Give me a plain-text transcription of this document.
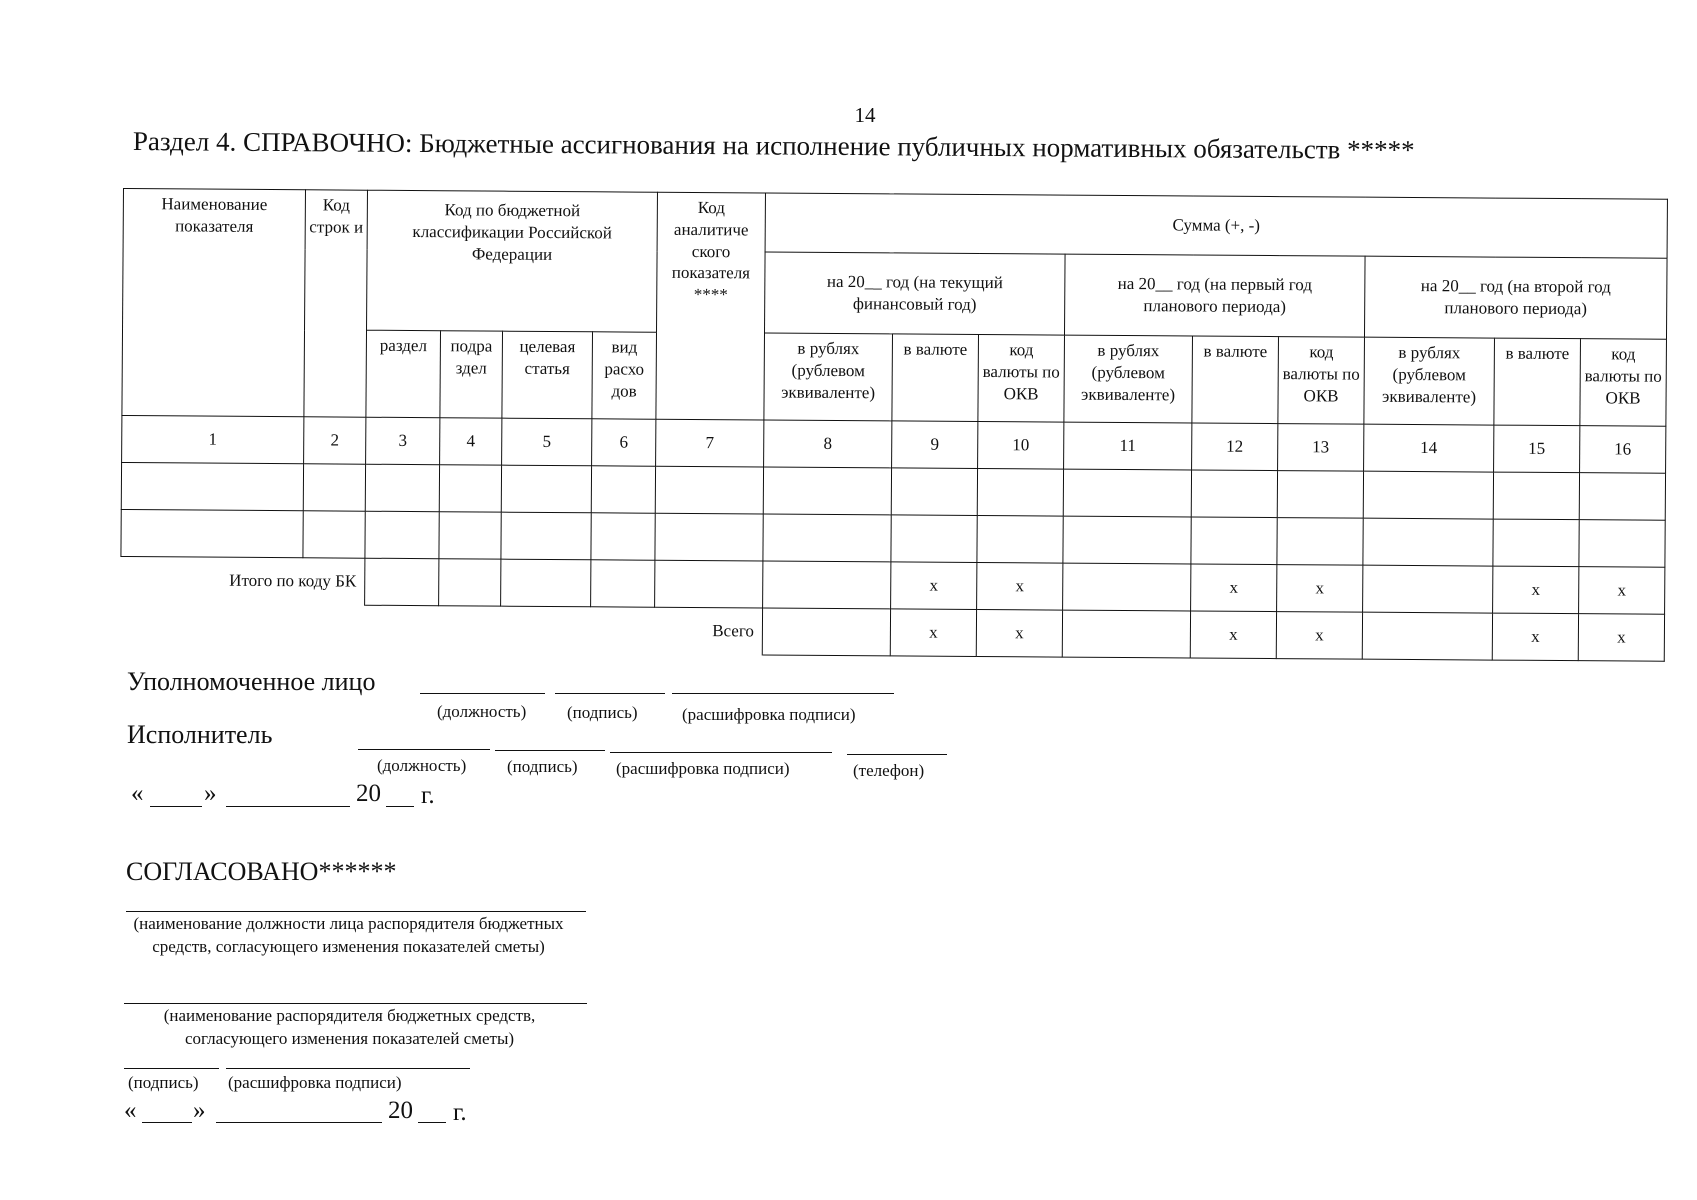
14
Раздел 4. СПРАВОЧНО: Бюджетные ассигнования на исполнение публичных нормативных обязательств *****
Наименование показателя	Код строк и	Код по бюджетной классификации Российской Федерации				Код аналитиче ского показателя ****	Сумма (+, -)								
							на 20__ год (на текущий финансовый год)			на 20__ год (на первый год планового периода)			на 20__ год (на второй год планового периода)		
		раздел	подра здел	целевая статья	вид расхо дов		в рублях (рублевом эквиваленте)	в валюте	код валюты по ОКВ	в рублях (рублевом эквиваленте)	в валюте	код валюты по ОКВ	в рублях (рублевом эквиваленте)	в валюте	код валюты по ОКВ
1	2	3	4	5	6	7	8	9	10	11	12	13	14	15	16

Итого по коду БК								x	x		x	x		x	x
						Всего		x	x		x	x		x	x
Уполномоченное лицо
(должность) (подпись)	(расшифровка подписи)
Исполнитель
(должность) (подпись) (расшифровка подписи)	(телефон)
« »	20 г.
СОГЛАСОВАНО******
(наименование должности лица распорядителя бюджетных средств, согласующего изменения показателей сметы)
(наименование распорядителя бюджетных средств, согласующего изменения показателей сметы)
(подпись) (расшифровка подписи)
« »	20 г.
